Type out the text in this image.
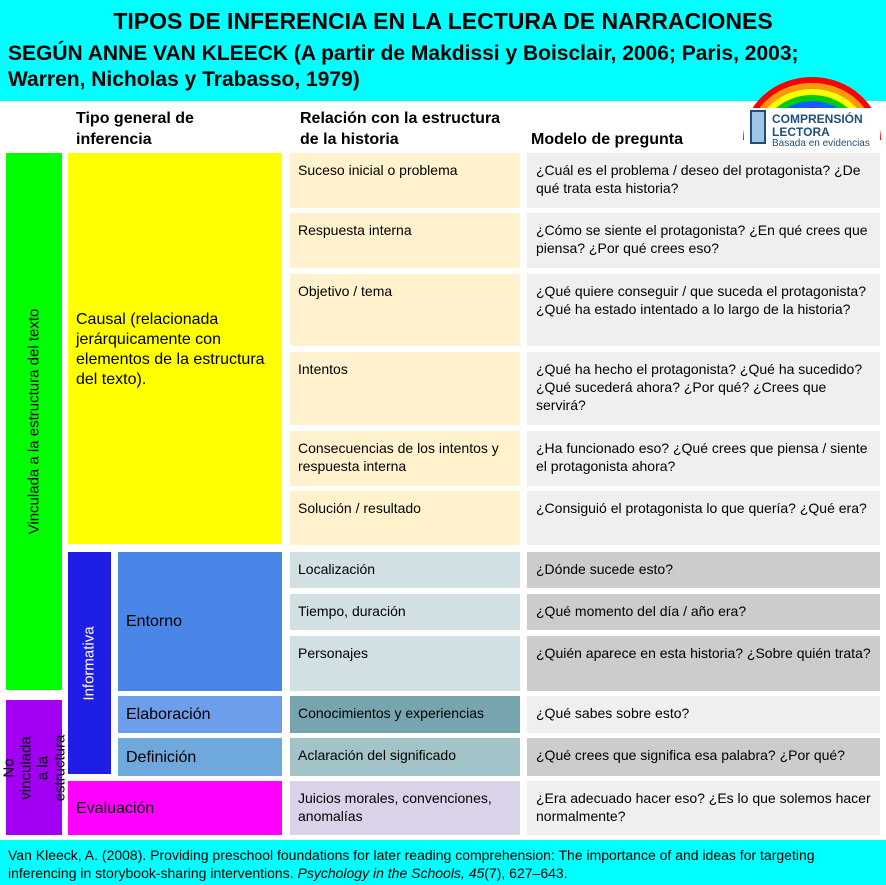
TIPOS DE INFERENCIA EN LA LECTURA DE NARRACIONES
SEGÚN ANNE VAN KLEECK (A partir de Makdissi y Boisclair, 2006; Paris, 2003; Warren, Nicholas y Trabasso, 1979)
COMPRENSIÓN
LECTORA
Basada en evidencias
Tipo general de inferencia
Relación con la estructura de la historia	Modelo de pregunta
Vinculada a la estructura del texto
No vinculada a la estructura
Causal (relacionada jerárquicamente con elementos de la estructura del texto).
Informativa
Entorno
Elaboración
Definición
Evaluación
Suceso inicial o problema
Respuesta interna
Objetivo / tema
Intentos
Consecuencias de los intentos y respuesta interna
Solución / resultado
Localización
Tiempo, duración
Personajes
Conocimientos y experiencias
Aclaración del significado
Juicios morales, convenciones, anomalías
¿Cuál es el problema / deseo del protagonista? ¿De qué trata esta historia?
¿Cómo se siente el protagonista? ¿En qué crees que piensa? ¿Por qué crees eso?
¿Qué quiere conseguir / que suceda el protagonista? ¿Qué ha estado intentado a lo largo de la historia?
¿Qué ha hecho el protagonista? ¿Qué ha sucedido? ¿Qué sucederá ahora? ¿Por qué? ¿Crees que servirá?
¿Ha funcionado eso? ¿Qué crees que piensa / siente el protagonista ahora?
¿Consiguió el protagonista lo que quería? ¿Qué era?
¿Dónde sucede esto?
¿Qué momento del día / año era?
¿Quién aparece en esta historia? ¿Sobre quién trata?
¿Qué sabes sobre esto?
¿Qué crees que significa esa palabra? ¿Por qué?
¿Era adecuado hacer eso? ¿Es lo que solemos hacer normalmente?
Van Kleeck, A. (2008). Providing preschool foundations for later reading comprehension: The importance of and ideas for targeting inferencing in storybook-sharing interventions. Psychology in the Schools, 45(7), 627–643.
